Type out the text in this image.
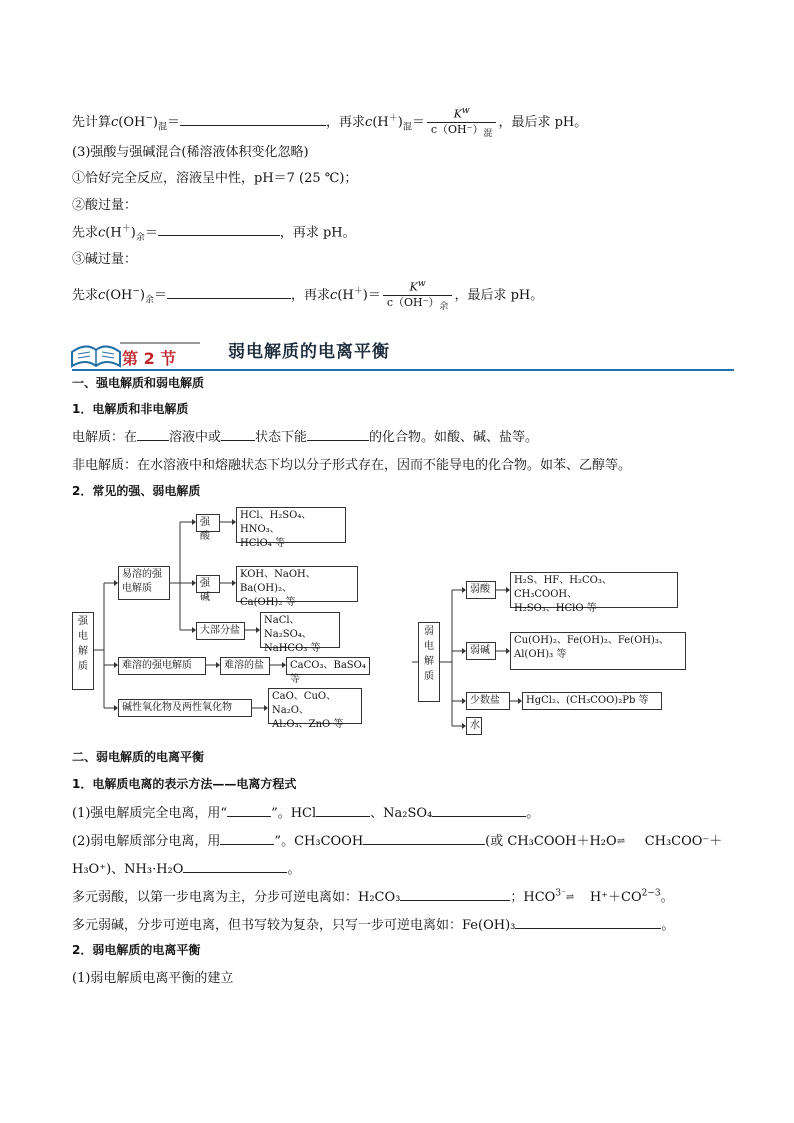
先计算$c(OH^-)_混=$	，再求$c(H^+)_混= \frac{K^w}{c(OH^-)_混}$ ，最后求 pH。
(3)强酸与强碱混合(稀溶液体积变化忽略)
①恰好完全反应，溶液呈中性，pH＝7 (25 ℃)；
②酸过量：
先求$c(H^+)_余=$	，再求 pH。
③碱过量：
先求$c(OH^-)_余=$	，再求$c(H^+)= \frac{K^w}{c(OH^-)_余}$ ，最后求 pH。
第 2 节	弱电解质的电离平衡
一、强电解质和弱电解质
1．电解质和非电解质
电解质：在 溶液中或	状态下能	的化合物。如酸、碱、盐等。
非电解质：在水溶液中和熔融状态下均以分子形式存在，因而不能导电的化合物。如苯、乙醇等。
2．常见的强、弱电解质
强
电
解
质
易溶的强
电解质
强酸
HCl、H₂SO₄、HNO₃、
HClO₄ 等
强碱
KOH、NaOH、Ba(OH)₂、
Ca(OH)₂ 等
大部分盐
NaCl、Na₂SO₄、
NaHCO₃ 等
难溶的强电解质	难溶的盐	CaCO₃、BaSO₄ 等
碱性氧化物及两性氧化物
CaO、CuO、Na₂O、
Al₂O₃、ZnO 等
弱
电
解
质
弱酸
H₂S、HF、H₂CO₃、CH₃COOH、
H₂SO₃、HClO 等
弱碱
Cu(OH)₂、Fe(OH)₂、Fe(OH)₃、
Al(OH)₃ 等
少数盐	HgCl₂、(CH₃COO)₂Pb 等
水
二、弱电解质的电离平衡
1．电解质电离的表示方法——电离方程式
(1)强电解质完全电离，用“	”。HCl	、Na₂SO₄	。
(2)弱电解质部分电离，用	”。CH₃COOH	(或 CH₃COOH＋H₂O⇌ CH₃COO⁻＋
H₃O⁺)、NH₃·H₂O	。
多元弱酸，以第一步电离为主，分步可逆电离如：H₂CO₃	；$HCO^{3^-}\rightleftharpoons$ $H^++CO^{2-3}$。
多元弱碱，分步可逆电离，但书写较为复杂，只写一步可逆电离如：Fe(OH)₃	。
2．弱电解质的电离平衡
(1)弱电解质电离平衡的建立
